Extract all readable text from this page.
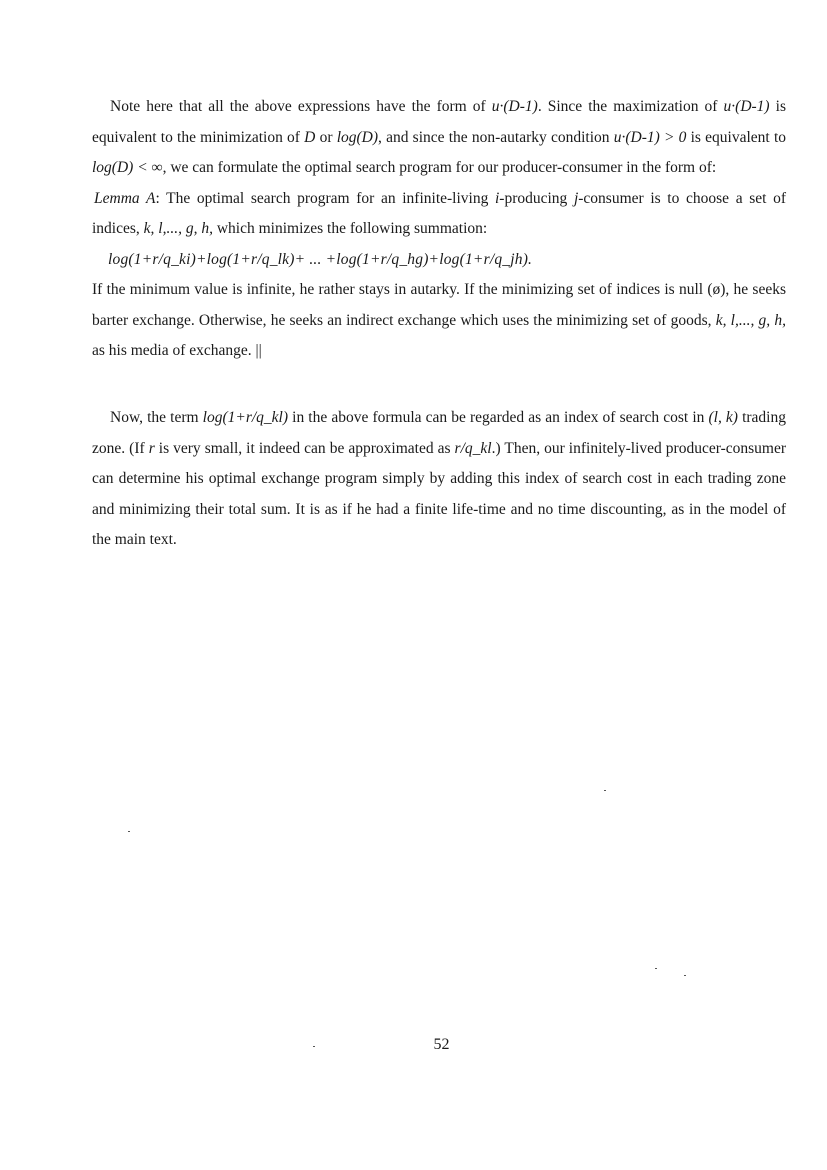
Note here that all the above expressions have the form of u·(D-1). Since the maximization of u·(D-1) is equivalent to the minimization of D or log(D), and since the non-autarky condition u·(D-1) > 0 is equivalent to log(D) < ∞, we can formulate the optimal search program for our producer-consumer in the form of:

Lemma A: The optimal search program for an infinite-living i-producing j-consumer is to choose a set of indices, k, l,..., g, h, which minimizes the following summation:

log(1+r/q_ki)+log(1+r/q_lk)+ ... +log(1+r/q_hg)+log(1+r/q_jh).

If the minimum value is infinite, he rather stays in autarky. If the minimizing set of indices is null (ø), he seeks barter exchange. Otherwise, he seeks an indirect exchange which uses the minimizing set of goods, k, l,..., g, h, as his media of exchange. ||

Now, the term log(1+r/q_kl) in the above formula can be regarded as an index of search cost in (l, k) trading zone. (If r is very small, it indeed can be approximated as r/q_kl.) Then, our infinitely-lived producer-consumer can determine his optimal exchange program simply by adding this index of search cost in each trading zone and minimizing their total sum. It is as if he had a finite life-time and no time discounting, as in the model of the main text.

52
